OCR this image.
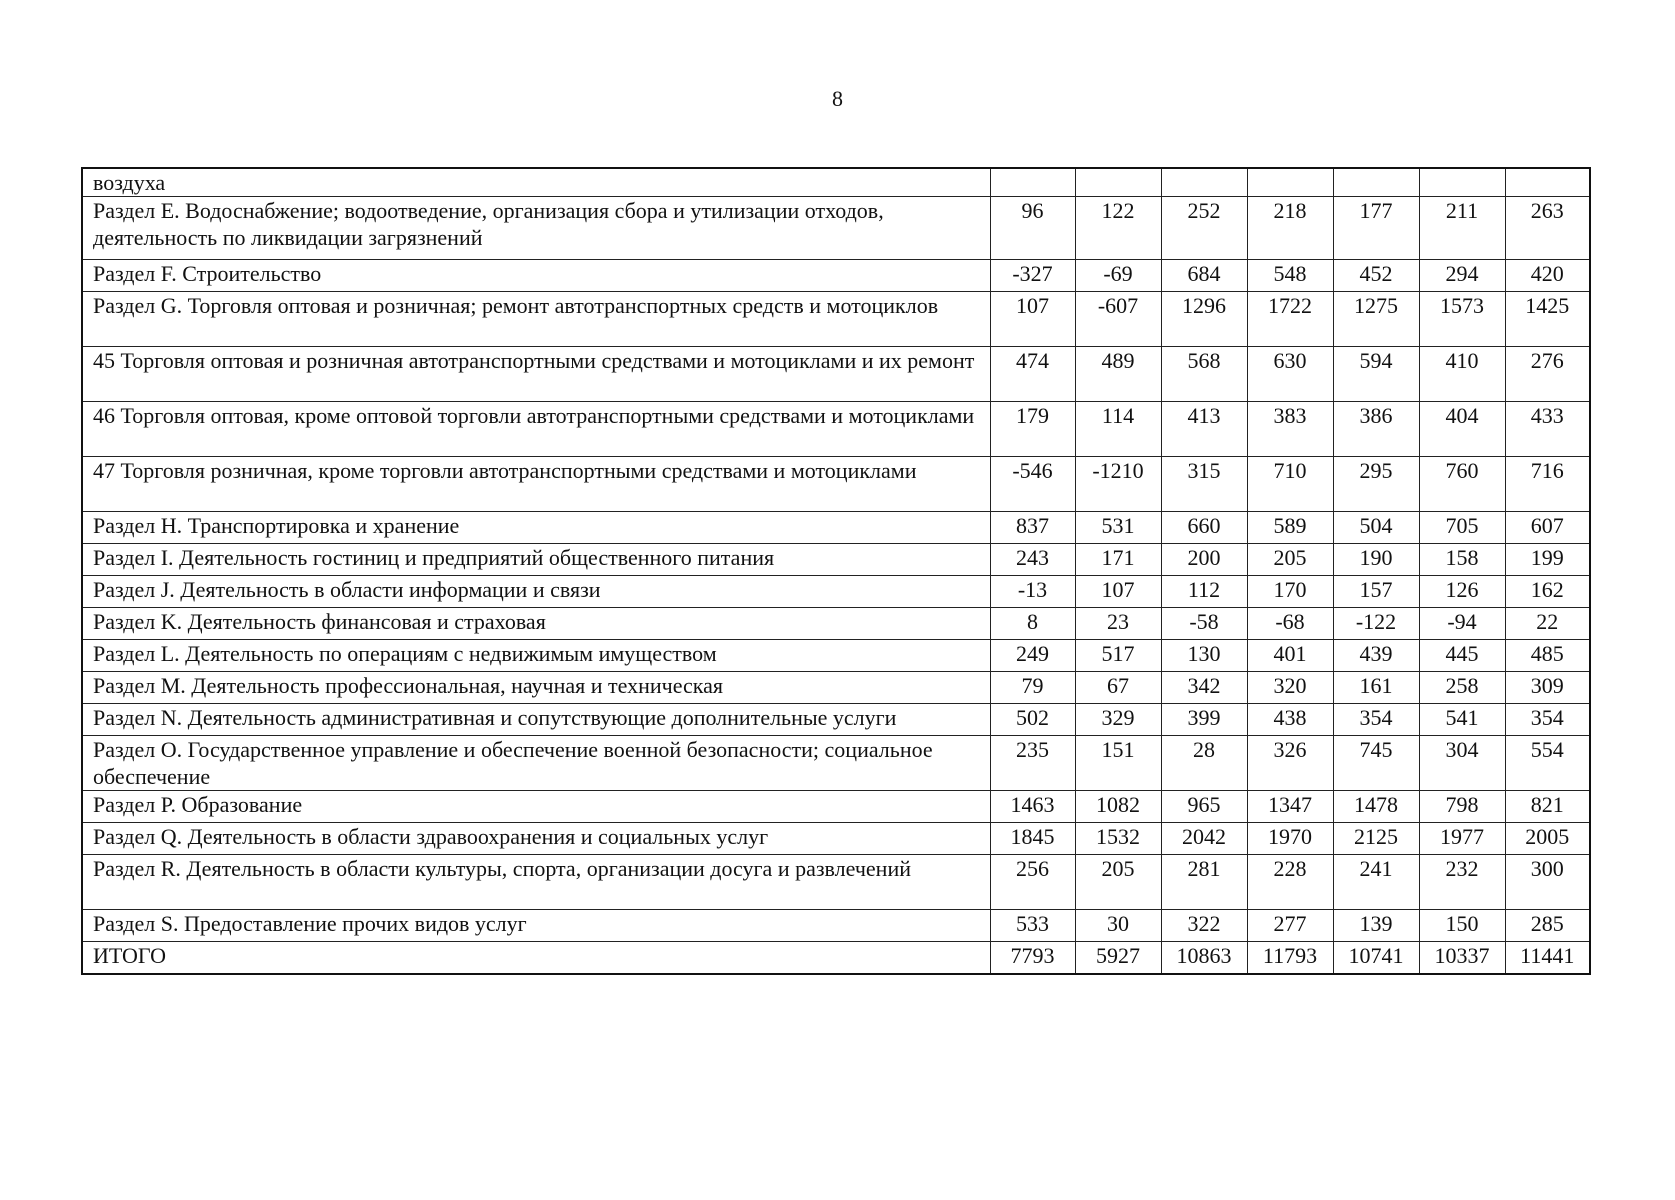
8
воздуха							
Раздел E. Водоснабжение; водоотведение, организация сбора и утилизации отходов, деятельность по ликвидации загрязнений	96	122	252	218	177	211	263
Раздел F. Строительство	-327	-69	684	548	452	294	420
Раздел G. Торговля оптовая и розничная; ремонт автотранспортных средств и мотоциклов	107	-607	1296	1722	1275	1573	1425
45 Торговля оптовая и розничная автотранспортными средствами и мотоциклами и их ремонт	474	489	568	630	594	410	276
46 Торговля оптовая, кроме оптовой торговли автотранспортными средствами и мотоциклами	179	114	413	383	386	404	433
47 Торговля розничная, кроме торговли автотранспортными средствами и мотоциклами	-546	-1210	315	710	295	760	716
Раздел H. Транспортировка и хранение	837	531	660	589	504	705	607
Раздел I. Деятельность гостиниц и предприятий общественного питания	243	171	200	205	190	158	199
Раздел J. Деятельность в области информации и связи	-13	107	112	170	157	126	162
Раздел K. Деятельность финансовая и страховая	8	23	-58	-68	-122	-94	22
Раздел L. Деятельность по операциям с недвижимым имуществом	249	517	130	401	439	445	485
Раздел M. Деятельность профессиональная, научная и техническая	79	67	342	320	161	258	309
Раздел N. Деятельность административная и сопутствующие дополнительные услуги	502	329	399	438	354	541	354
Раздел O. Государственное управление и обеспечение военной безопасности; социальное обеспечение	235	151	28	326	745	304	554
Раздел P. Образование	1463	1082	965	1347	1478	798	821
Раздел Q. Деятельность в области здравоохранения и социальных услуг	1845	1532	2042	1970	2125	1977	2005
Раздел R. Деятельность в области культуры, спорта, организации досуга и развлечений	256	205	281	228	241	232	300
Раздел S. Предоставление прочих видов услуг	533	30	322	277	139	150	285
ИТОГО	7793	5927	10863	11793	10741	10337	11441
